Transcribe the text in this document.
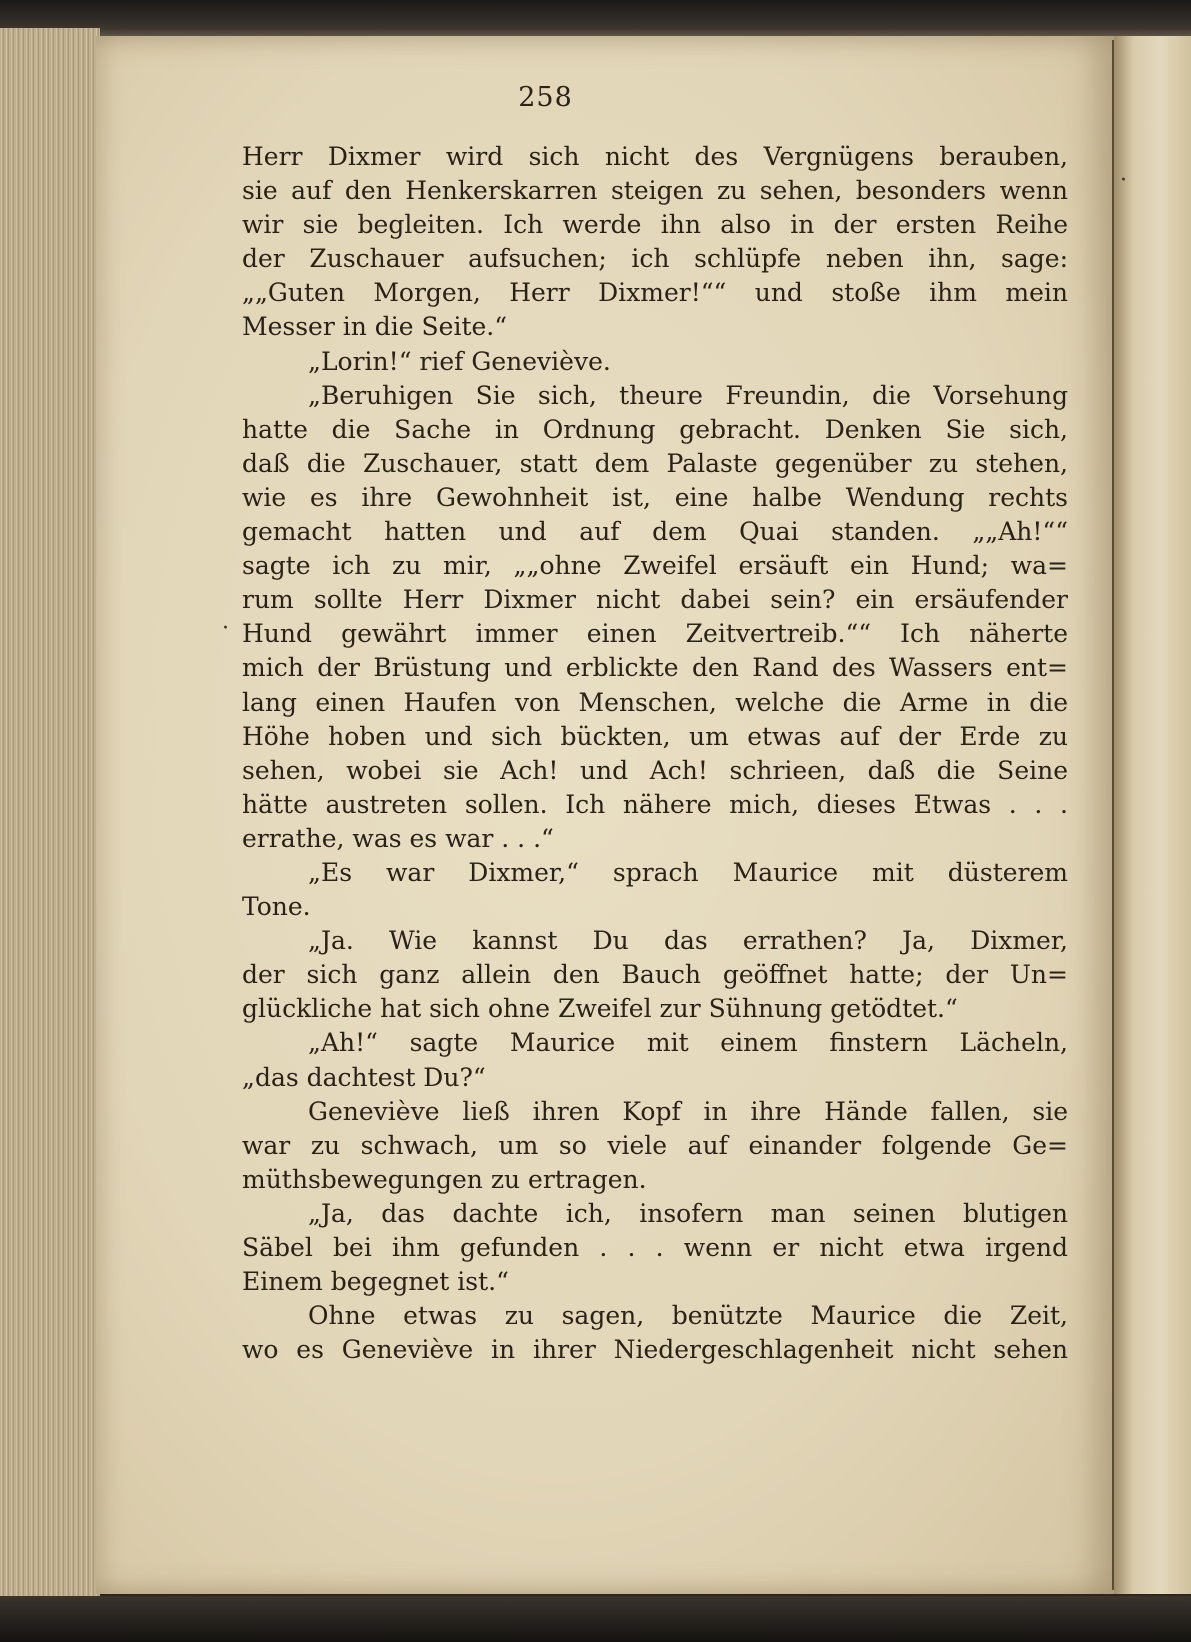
258
Herr Dixmer wird sich nicht des Vergnügens berauben,
sie auf den Henkerskarren steigen zu sehen, besonders wenn
wir sie begleiten. Ich werde ihn also in der ersten Reihe
der Zuschauer aufsuchen; ich schlüpfe neben ihn, sage:
„„Guten Morgen, Herr Dixmer!““ und stoße ihm mein
Messer in die Seite.“
„Lorin!“ rief Geneviève.
„Beruhigen Sie sich, theure Freundin, die Vorsehung
hatte die Sache in Ordnung gebracht. Denken Sie sich,
daß die Zuschauer, statt dem Palaste gegenüber zu stehen,
wie es ihre Gewohnheit ist, eine halbe Wendung rechts
gemacht hatten und auf dem Quai standen. „„Ah!““
sagte ich zu mir, „„ohne Zweifel ersäuft ein Hund; wa=
rum sollte Herr Dixmer nicht dabei sein? ein ersäufender
Hund gewährt immer einen Zeitvertreib.““ Ich näherte
mich der Brüstung und erblickte den Rand des Wassers ent=
lang einen Haufen von Menschen, welche die Arme in die
Höhe hoben und sich bückten, um etwas auf der Erde zu
sehen, wobei sie Ach! und Ach! schrieen, daß die Seine
hätte austreten sollen. Ich nähere mich, dieses Etwas . . .
errathe, was es war . . .“
„Es war Dixmer,“ sprach Maurice mit düsterem
Tone.
„Ja. Wie kannst Du das errathen? Ja, Dixmer,
der sich ganz allein den Bauch geöffnet hatte; der Un=
glückliche hat sich ohne Zweifel zur Sühnung getödtet.“
„Ah!“ sagte Maurice mit einem finstern Lächeln,
„das dachtest Du?“
Geneviève ließ ihren Kopf in ihre Hände fallen, sie
war zu schwach, um so viele auf einander folgende Ge=
müthsbewegungen zu ertragen.
„Ja, das dachte ich, insofern man seinen blutigen
Säbel bei ihm gefunden . . . wenn er nicht etwa irgend
Einem begegnet ist.“
Ohne etwas zu sagen, benützte Maurice die Zeit,
wo es Geneviève in ihrer Niedergeschlagenheit nicht sehen
·
·
